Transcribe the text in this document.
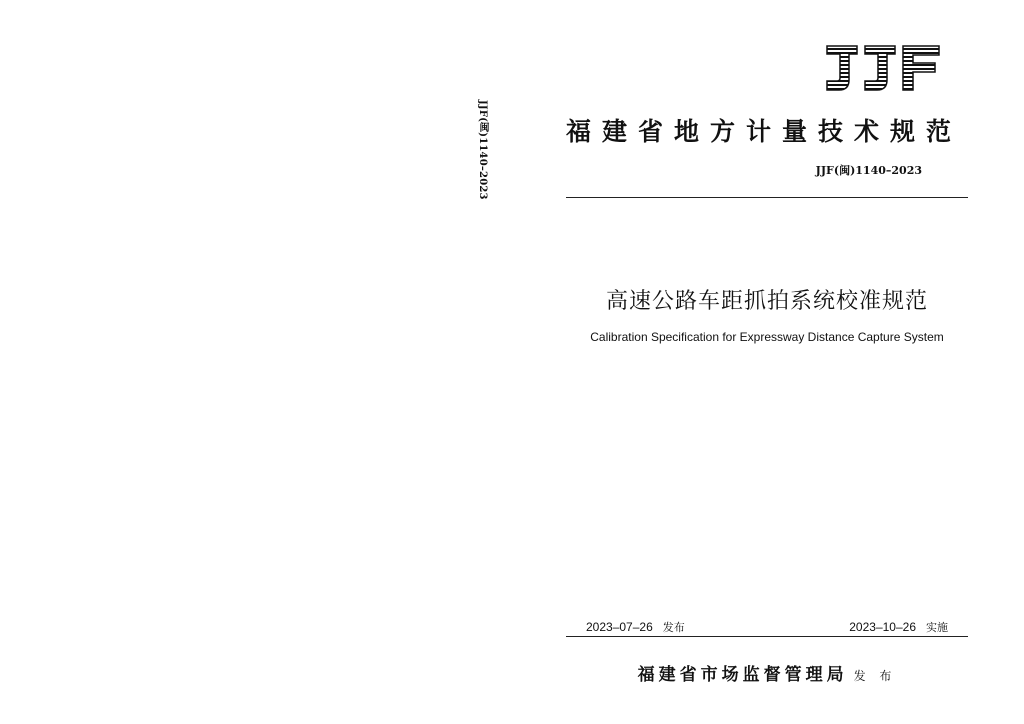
JJF(闽)1140–2023	福建省地方计量技术规范
JJF(闽)1140–2023
高速公路车距抓拍系统校准规范
Calibration Specification for Expressway Distance Capture System
2023–07–26 发布	2023–10–26 实施
福建省市场监督管理局 发 布
